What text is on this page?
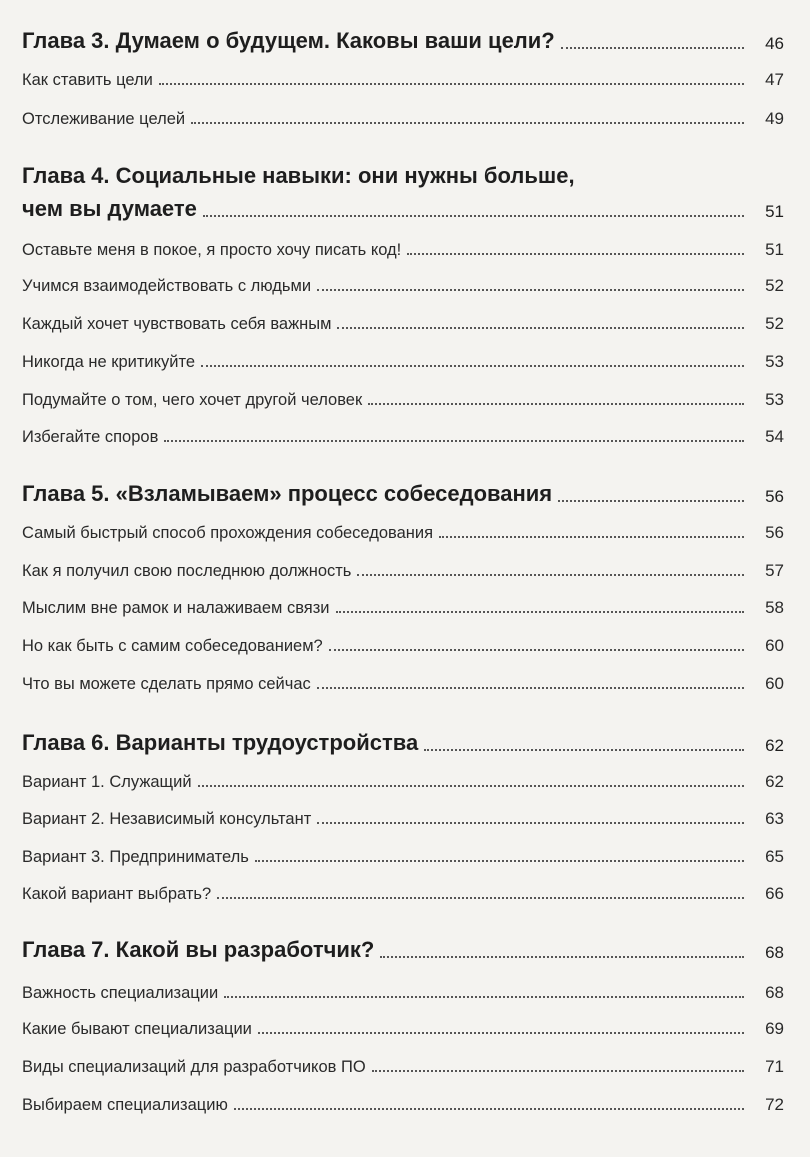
Глава 3. Думаем о будущем. Каковы ваши цели?	46
Как ставить цели	47
Отслеживание целей	49
Глава 4. Социальные навыки: они нужны больше,
чем вы думаете	51
Оставьте меня в покое, я просто хочу писать код!	51
Учимся взаимодействовать с людьми	52
Каждый хочет чувствовать себя важным	52
Никогда не критикуйте	53
Подумайте о том, чего хочет другой человек	53
Избегайте споров	54
Глава 5. «Взламываем» процесс собеседования	56
Самый быстрый способ прохождения собеседования	56
Как я получил свою последнюю должность	57
Мыслим вне рамок и налаживаем связи	58
Но как быть с самим собеседованием?	60
Что вы можете сделать прямо сейчас	60
Глава 6. Варианты трудоустройства	62
Вариант 1. Служащий	62
Вариант 2. Независимый консультант	63
Вариант 3. Предприниматель	65
Какой вариант выбрать?	66
Глава 7. Какой вы разработчик?	68
Важность специализации	68
Какие бывают специализации	69
Виды специализаций для разработчиков ПО	71
Выбираем специализацию	72
